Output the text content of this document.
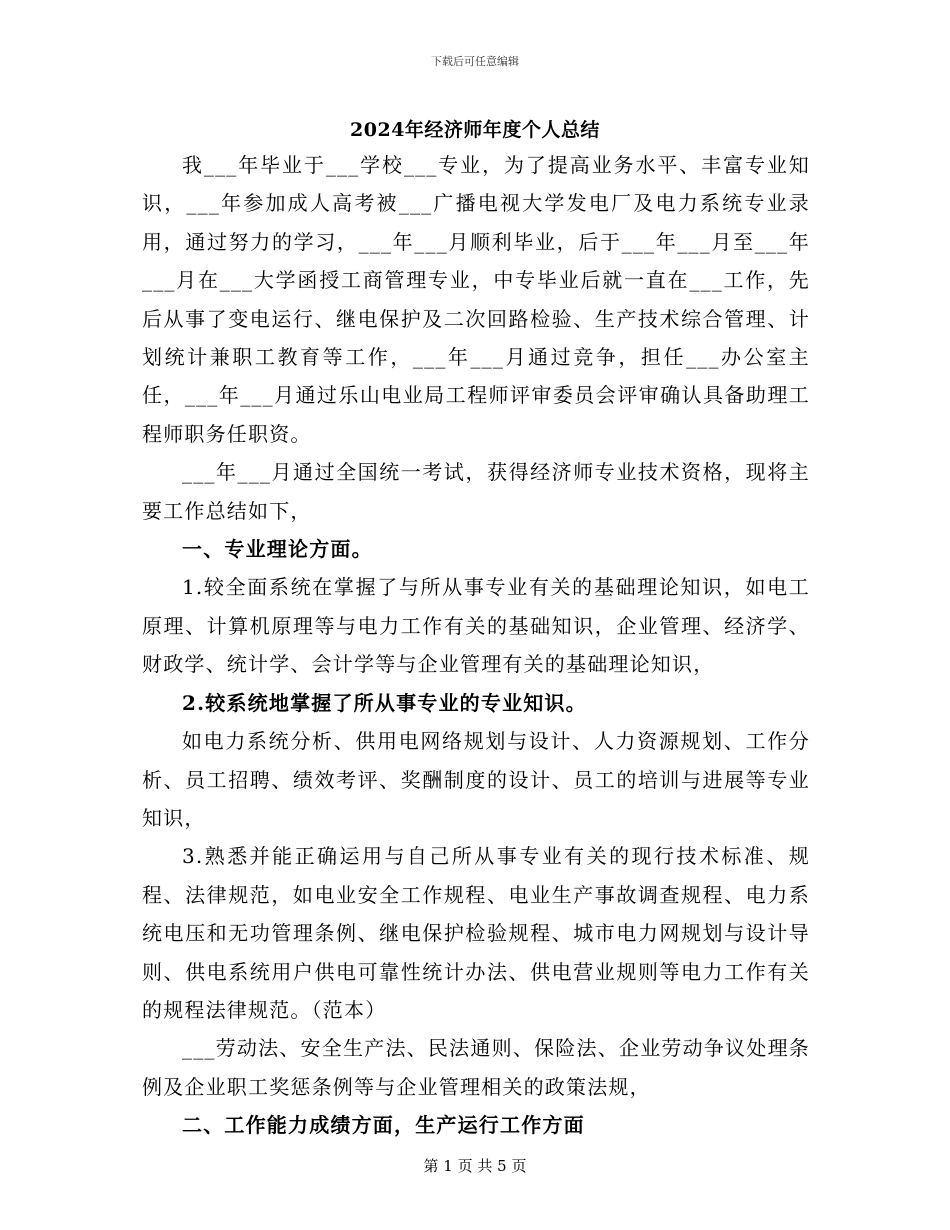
下载后可任意编辑
2024年经济师年度个人总结

我___年毕业于___学校___专业，为了提高业务水平、丰富专业知识，___年参加成人高考被___广播电视大学发电厂及电力系统专业录用，通过努力的学习，___年___月顺利毕业，后于___年___月至___年___月在___大学函授工商管理专业，中专毕业后就一直在___工作，先后从事了变电运行、继电保护及二次回路检验、生产技术综合管理、计划统计兼职工教育等工作，___年___月通过竞争，担任___办公室主任，___年___月通过乐山电业局工程师评审委员会评审确认具备助理工程师职务任职资。

___年___月通过全国统一考试，获得经济师专业技术资格，现将主要工作总结如下，

一、专业理论方面。

1.较全面系统在掌握了与所从事专业有关的基础理论知识，如电工原理、计算机原理等与电力工作有关的基础知识，企业管理、经济学、财政学、统计学、会计学等与企业管理有关的基础理论知识，

2.较系统地掌握了所从事专业的专业知识。

如电力系统分析、供用电网络规划与设计、人力资源规划、工作分析、员工招聘、绩效考评、奖酬制度的设计、员工的培训与进展等专业知识，

3.熟悉并能正确运用与自己所从事专业有关的现行技术标准、规程、法律规范，如电业安全工作规程、电业生产事故调查规程、电力系统电压和无功管理条例、继电保护检验规程、城市电力网规划与设计导则、供电系统用户供电可靠性统计办法、供电营业规则等电力工作有关的规程法律规范。（范本）

___劳动法、安全生产法、民法通则、保险法、企业劳动争议处理条例及企业职工奖惩条例等与企业管理相关的政策法规，

二、工作能力成绩方面，生产运行工作方面

第 1 页 共 5 页
